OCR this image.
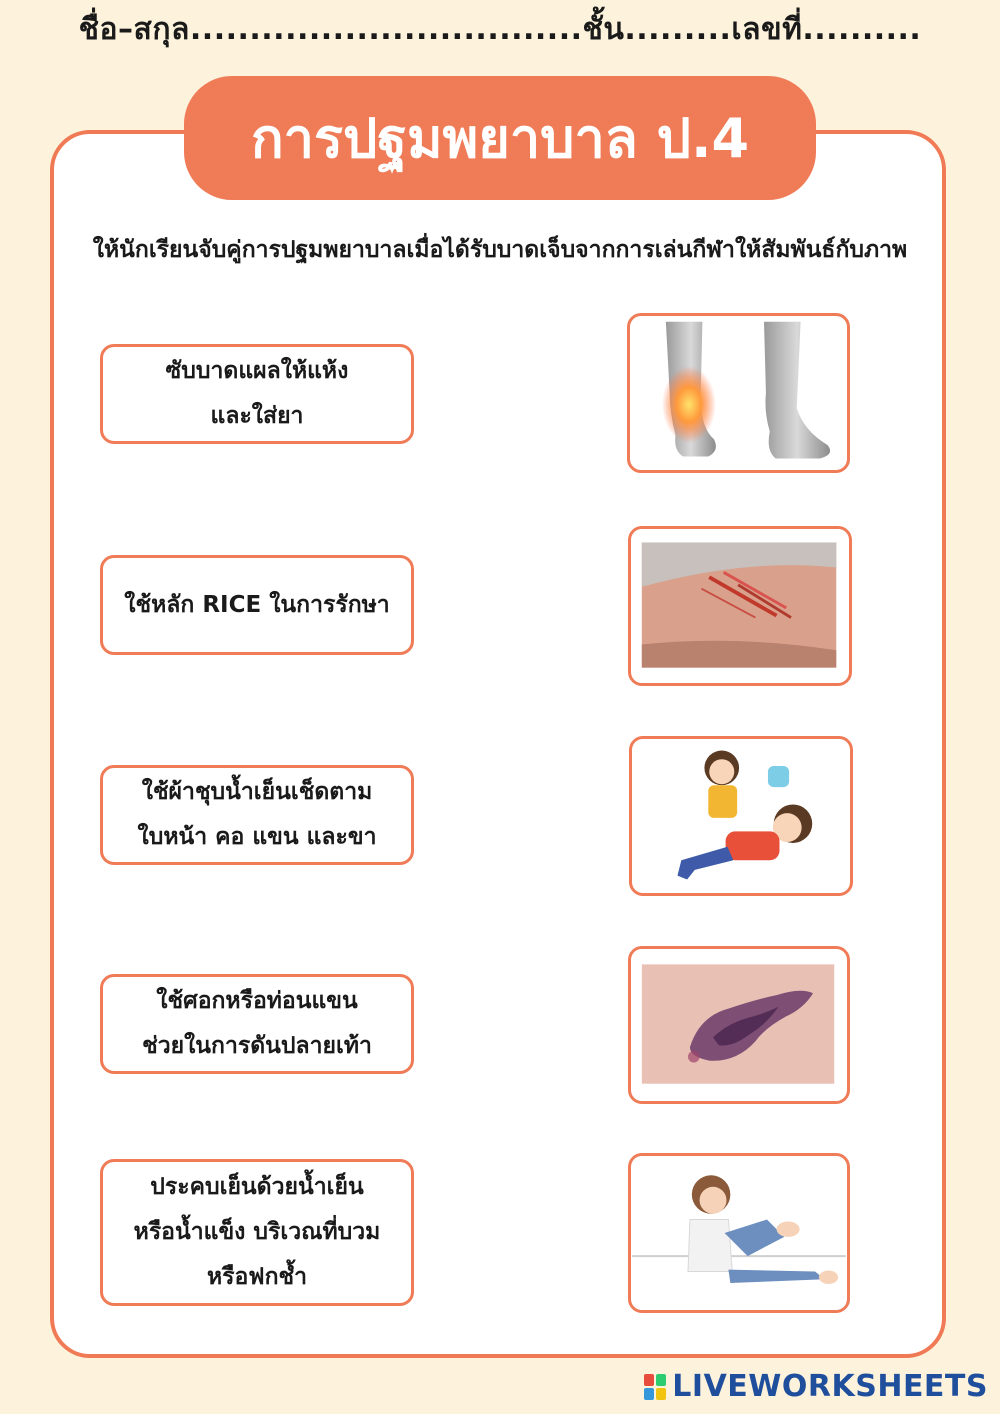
ชื่อ–สกุล.................................ชั้น.........เลขที่..........
การปฐมพยาบาล ป.4
ให้นักเรียนจับคู่การปฐมพยาบาลเมื่อได้รับบาดเจ็บจากการเล่นกีฬาให้สัมพันธ์กับภาพ
ซับบาดแผลให้แห้ง
และใส่ยา
ใช้หลัก RICE ในการรักษา
ใช้ผ้าชุบน้ำเย็นเช็ดตาม
ใบหน้า คอ แขน และขา
ใช้ศอกหรือท่อนแขน
ช่วยในการดันปลายเท้า
ประคบเย็นด้วยน้ำเย็น
หรือน้ำแข็ง บริเวณที่บวม
หรือฟกช้ำ
LIVEWORKSHEETS
